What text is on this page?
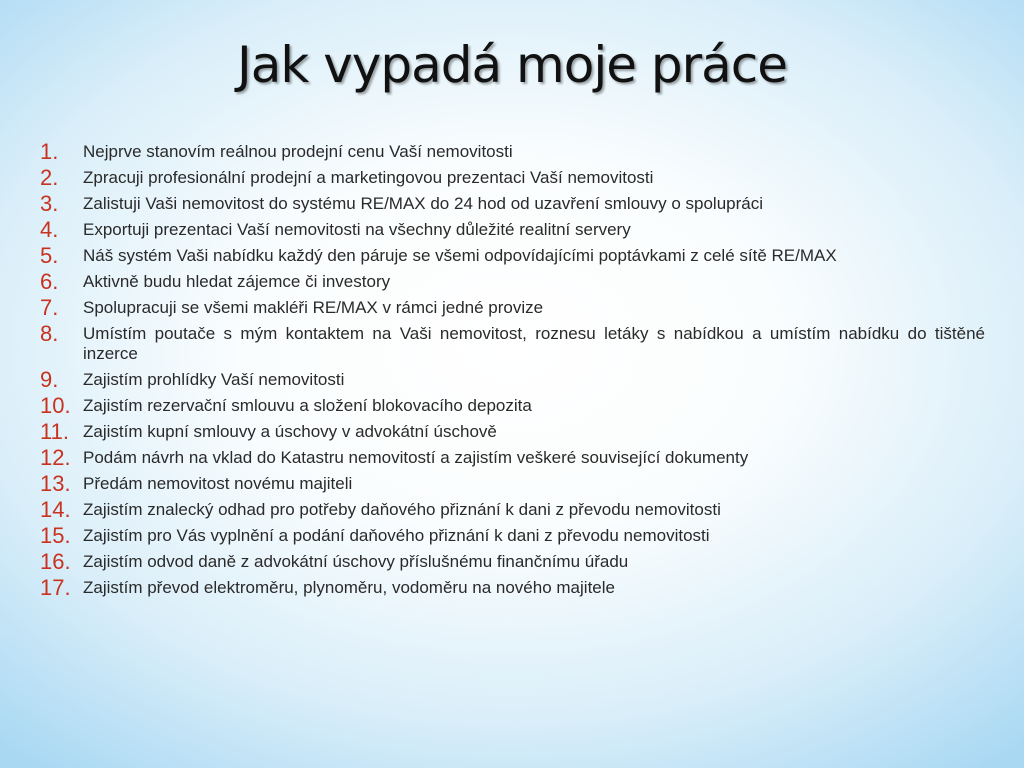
Jak vypadá moje práce
1. Nejprve stanovím reálnou prodejní cenu Vaší nemovitosti
2. Zpracuji profesionální prodejní a marketingovou prezentaci Vaší nemovitosti
3. Zalistuji Vaši nemovitost do systému RE/MAX do 24 hod od uzavření smlouvy o spolupráci
4. Exportuji prezentaci Vaší nemovitosti na všechny důležité realitní servery
5. Náš systém Vaši nabídku každý den páruje se všemi odpovídajícími poptávkami z celé sítě RE/MAX
6. Aktivně budu hledat zájemce či investory
7. Spolupracuji se všemi makléři RE/MAX v rámci jedné provize
8. Umístím poutače s mým kontaktem na Vaši nemovitost, roznesu letáky s nabídkou a umístím nabídku do tištěné inzerce
9. Zajistím prohlídky Vaší nemovitosti
10. Zajistím rezervační smlouvu a složení blokovacího depozita
11. Zajistím kupní smlouvy a úschovy v advokátní úschově
12. Podám návrh na vklad do Katastru nemovitostí a zajistím veškeré související dokumenty
13. Předám nemovitost novému majiteli
14. Zajistím znalecký odhad pro potřeby daňového přiznání k dani z převodu nemovitosti
15. Zajistím pro Vás vyplnění a podání daňového přiznání k dani z převodu nemovitosti
16. Zajistím odvod daně z advokátní úschovy příslušnému finančnímu úřadu
17. Zajistím převod elektroměru, plynoměru, vodoměru na nového majitele
